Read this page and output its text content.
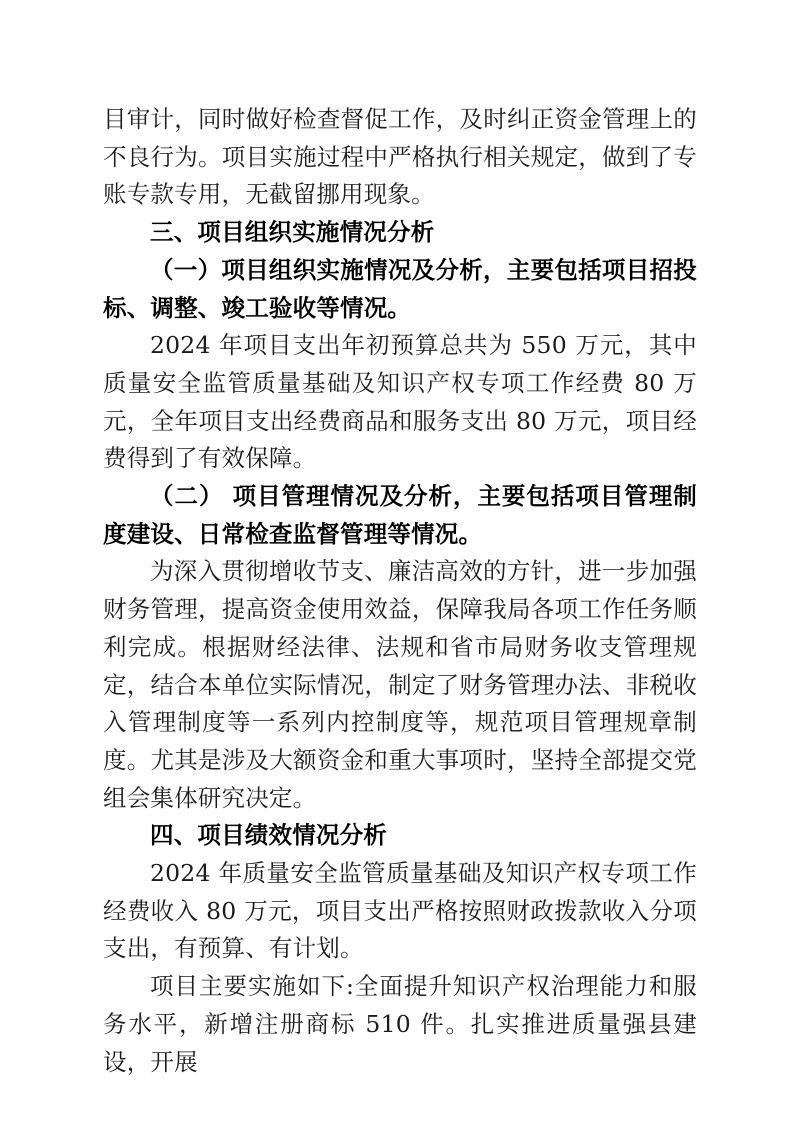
目审计，同时做好检查督促工作，及时纠正资金管理上的不良行为。项目实施过程中严格执行相关规定，做到了专账专款专用，无截留挪用现象。

三、项目组织实施情况分析

（一）项目组织实施情况及分析，主要包括项目招投标、调整、竣工验收等情况。

2024 年项目支出年初预算总共为 550 万元，其中质量安全监管质量基础及知识产权专项工作经费 80 万元，全年项目支出经费商品和服务支出 80 万元，项目经费得到了有效保障。

（二） 项目管理情况及分析，主要包括项目管理制度建设、日常检查监督管理等情况。

为深入贯彻增收节支、廉洁高效的方针，进一步加强财务管理，提高资金使用效益，保障我局各项工作任务顺利完成。根据财经法律、法规和省市局财务收支管理规定，结合本单位实际情况，制定了财务管理办法、非税收入管理制度等一系列内控制度等，规范项目管理规章制度。尤其是涉及大额资金和重大事项时，坚持全部提交党组会集体研究决定。

四、项目绩效情况分析

2024 年质量安全监管质量基础及知识产权专项工作经费收入 80 万元，项目支出严格按照财政拨款收入分项支出，有预算、有计划。

项目主要实施如下:全面提升知识产权治理能力和服务水平，新增注册商标 510 件。扎实推进质量强县建设，开展
